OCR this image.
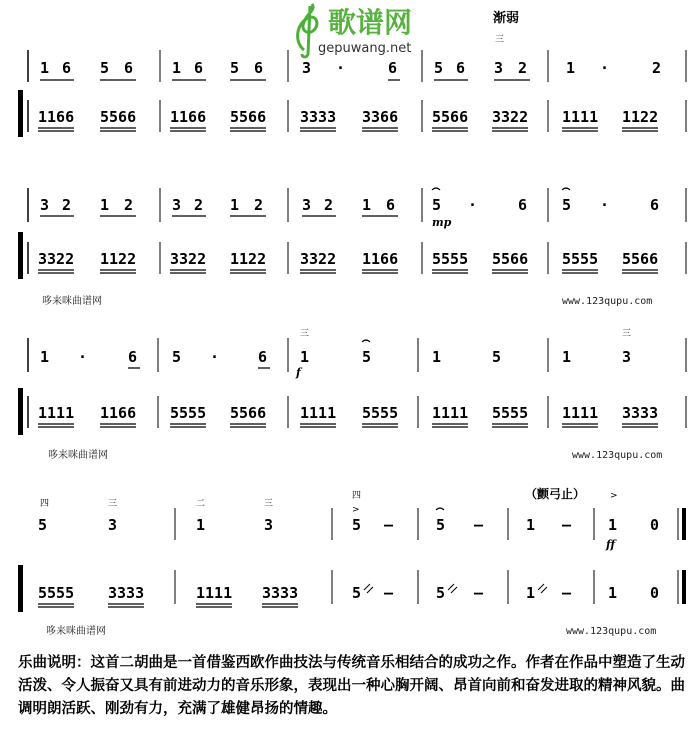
歌谱网
gepuwang.net
渐弱
三
1 6 5 6	1 6 5 6	3 ·	6 5 6 3 2	1 ·	2
1166 5566 1166 5566 3333 3366 5566 3322 1111 1122
3 2 1 2	3 2 1 2	3 2 1 6 5 ·	6 5 ·	6
mp
3322 1122 3322 1122 3322 1166 5555 5566 5555 5566
哆来咪曲谱网	www.123qupu.com
1 ·	6 5 ·	6 1	5	1	5	1	3
三	三
f
1111 1166 5555 5566 1111 5555 1111 5555 1111 3333
哆来咪曲谱网	www.123qupu.com
（颤弓止）
四	三	二	三
四
5	3	1	3	5 –	5 –	1 – 1 0
>
>
ff
5555 3333	1111 3333	5 –	5 –	1 – 1 0
哆来咪曲谱网	www.123qupu.com
乐曲说明：这首二胡曲是一首借鉴西欧作曲技法与传统音乐相结合的成功之作。作者在作品中塑造了生动活泼、令人振奋又具有前进动力的音乐形象，表现出一种心胸开阔、昂首向前和奋发进取的精神风貌。曲调明朗活跃、刚劲有力，充满了雄健昂扬的情趣。
